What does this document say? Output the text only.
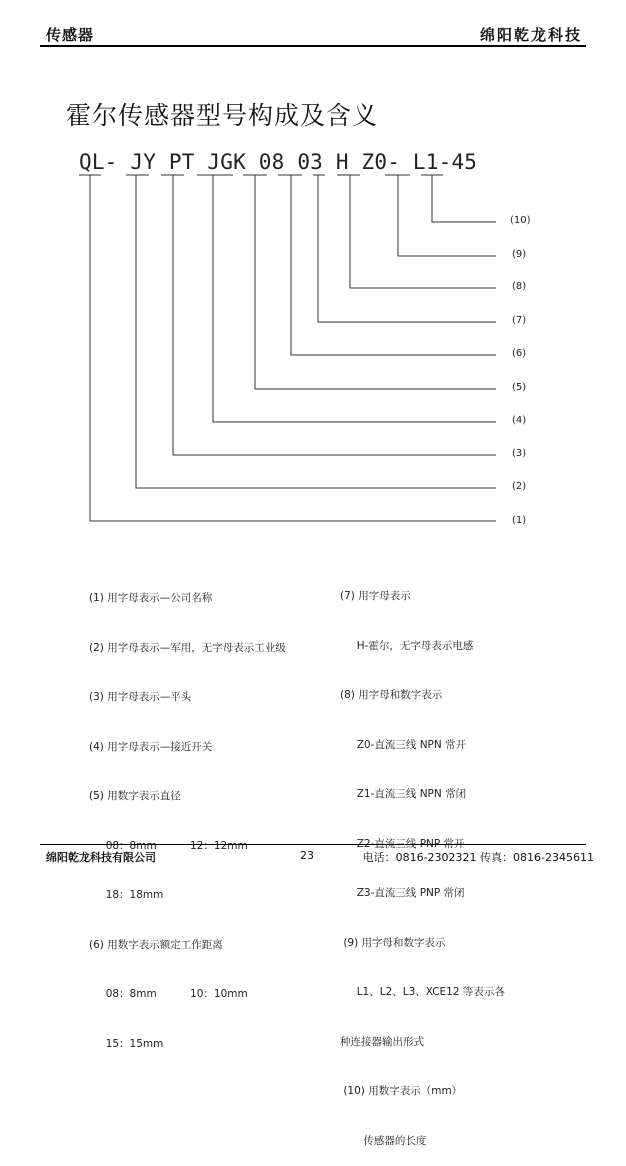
传感器	绵阳乾龙科技
霍尔传感器型号构成及含义
QL- JY PT JGK 08 03 H Z0- L1-45
(10)
(9)
(8)
(7)
(6)
(5)
(4)
(3)
(2)
(1)

(1) 用字母表示—公司名称

(2) 用字母表示—军用，无字母表示工业级

(3) 用字母表示—平头

(4) 用字母表示—接近开关

(5) 用数字表示直径

08：8mm          12：12mm

18：18mm

(6) 用数字表示额定工作距离

08：8mm          10：10mm

15：15mm

(7) 用字母表示

H-霍尔，无字母表示电感

(8) 用字母和数字表示

Z0-直流三线 NPN 常开

Z1-直流三线 NPN 常闭

Z2-直流三线 PNP 常开

Z3-直流三线 PNP 常闭

(9) 用字母和数字表示

L1、L2、L3、XCE12 等表示各

种连接器输出形式

(10) 用数字表示（mm）

传感器的长度

绵阳乾龙科技有限公司	23	电话：0816-2302321 传真：0816-2345611
